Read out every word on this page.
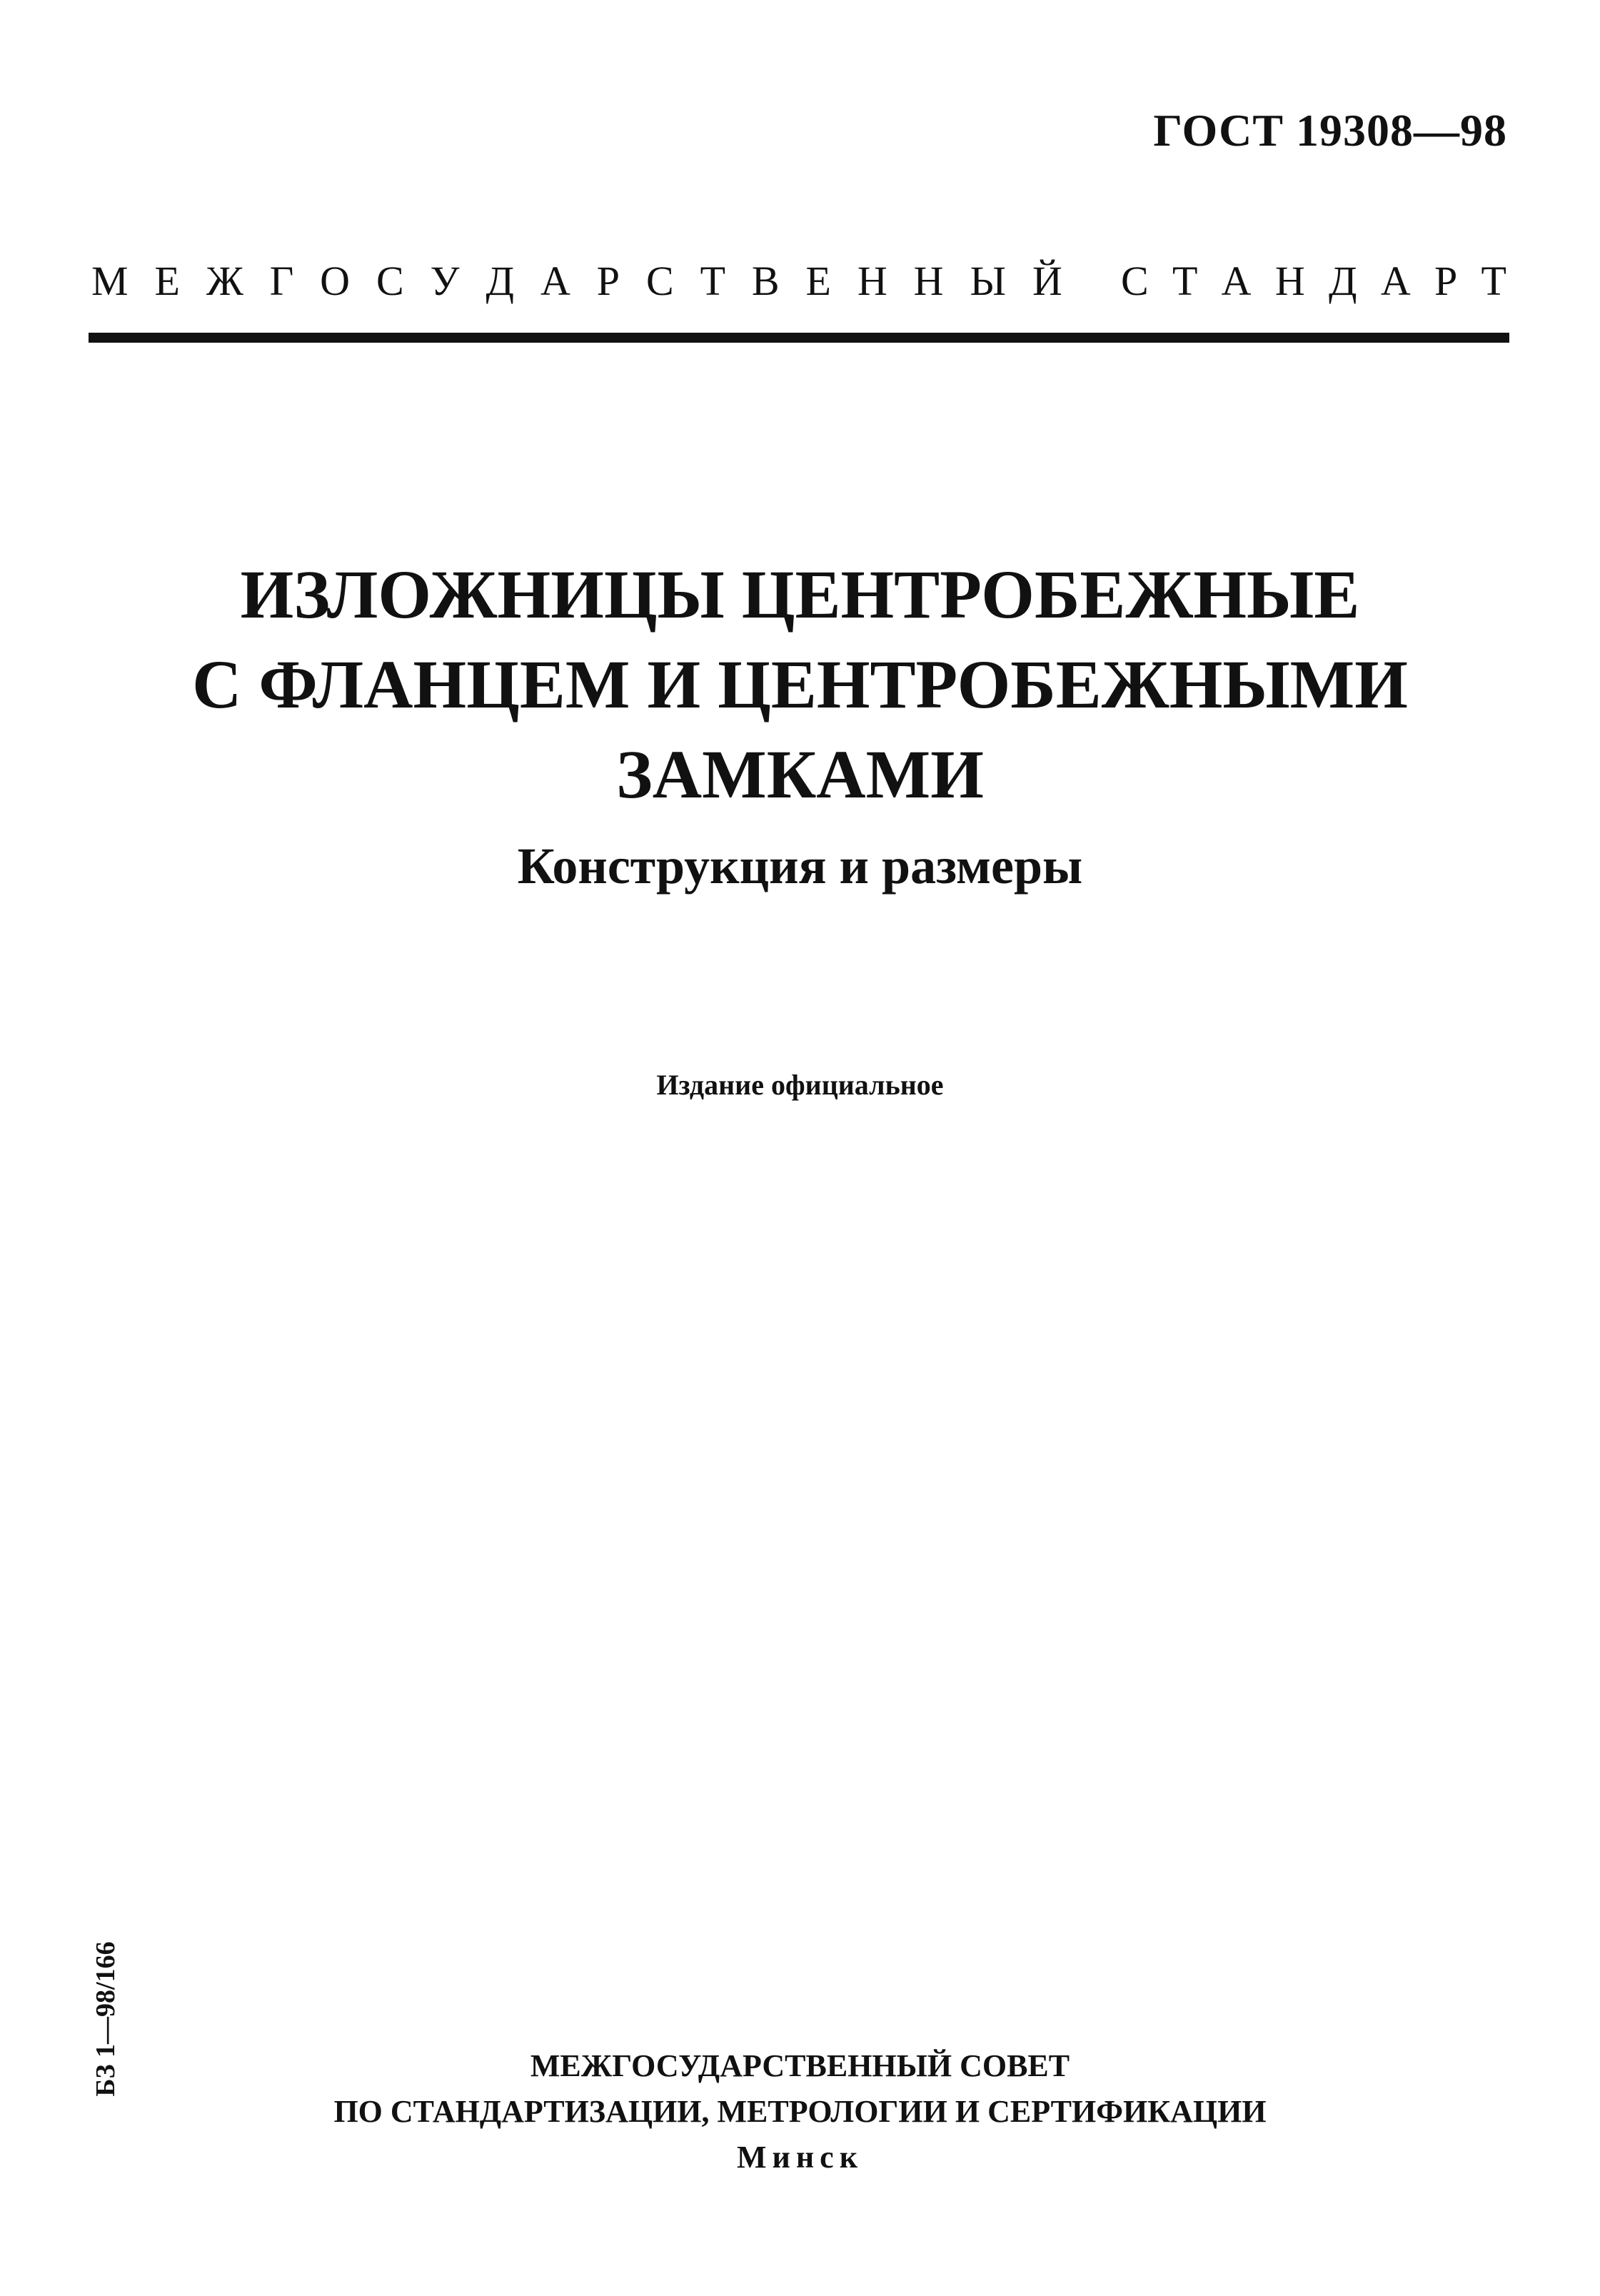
ГОСТ 19308—98
М Е Ж Г О С У Д А Р С Т В Е Н Н Ы Й С Т А Н Д А Р Т
ИЗЛОЖНИЦЫ ЦЕНТРОБЕЖНЫЕ
С ФЛАНЦЕМ И ЦЕНТРОБЕЖНЫМИ
ЗАМКАМИ
Конструкция и размеры
Издание официальное
БЗ 1—98/166	МЕЖГОСУДАРСТВЕННЫЙ СОВЕТ
ПО СТАНДАРТИЗАЦИИ, МЕТРОЛОГИИ И СЕРТИФИКАЦИИ
Минск
